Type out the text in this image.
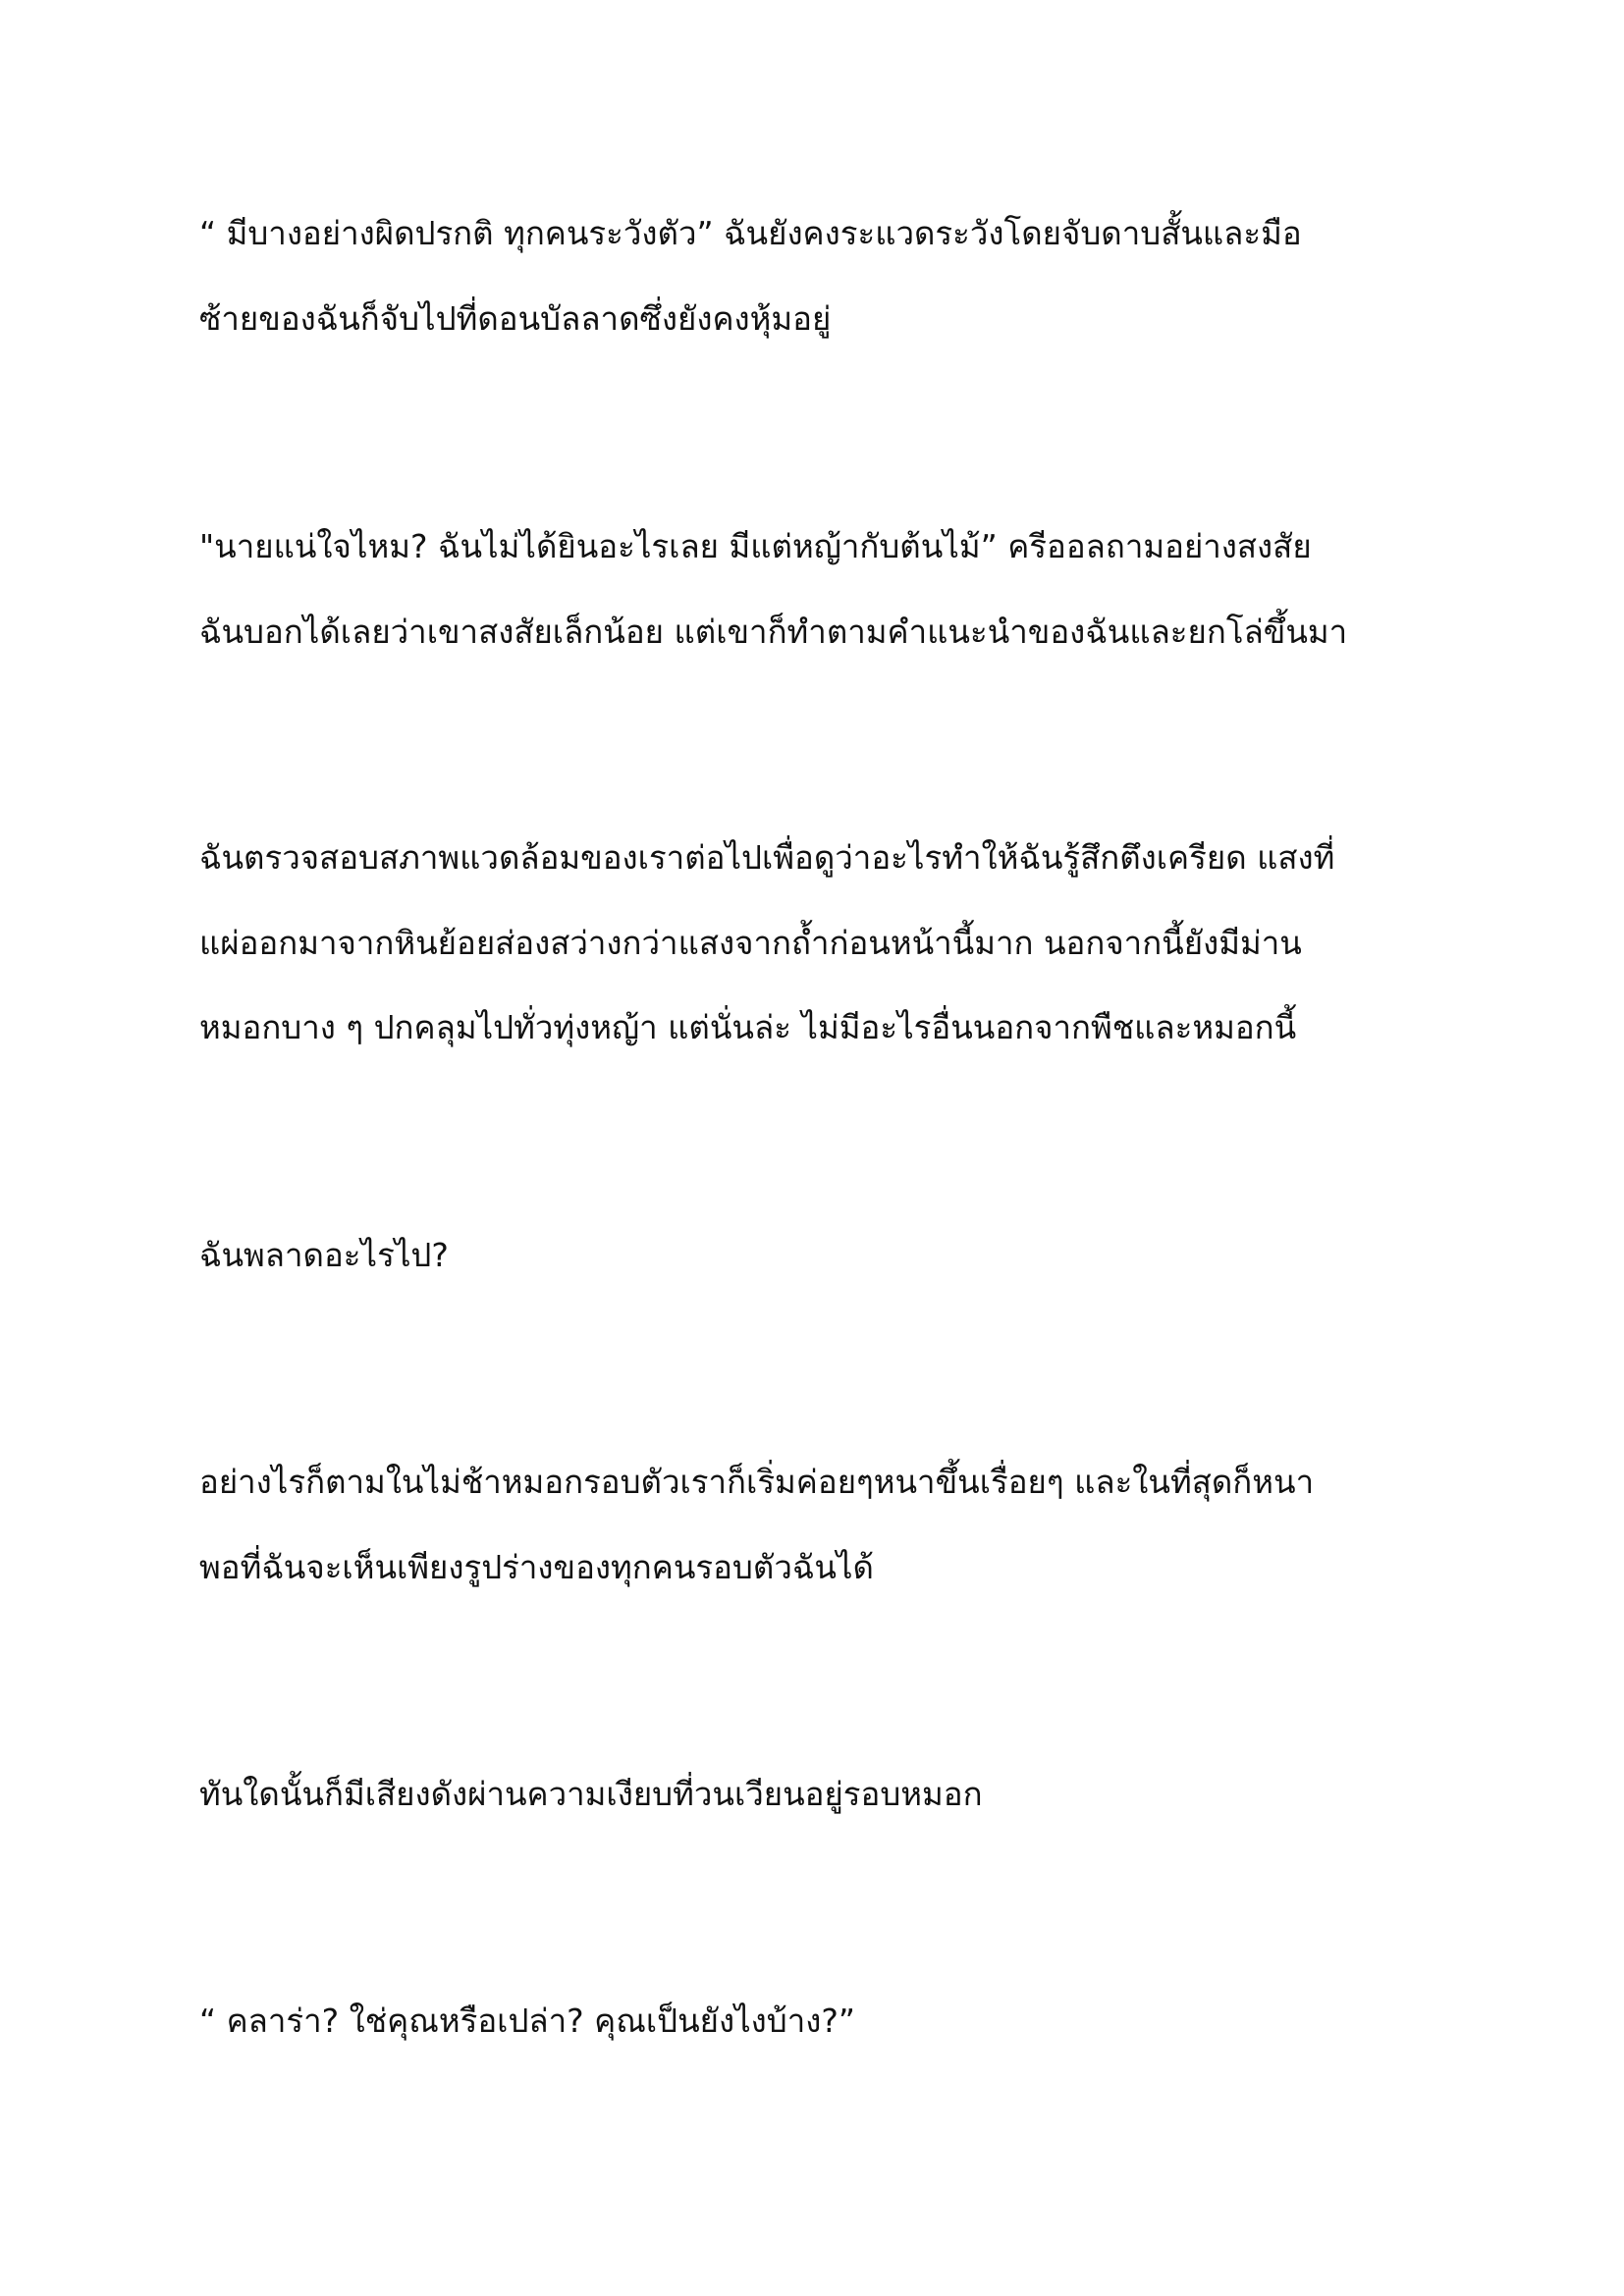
“ มีบางอย่างผิดปรกติ ทุกคนระวังตัว” ฉันยังคงระแวดระวังโดยจับดาบสั้นและมือ

ซ้ายของฉันก็จับไปที่ดอนบัลลาดซึ่งยังคงหุ้มอยู่

"นายแน่ใจไหม? ฉันไม่ได้ยินอะไรเลย มีแต่หญ้ากับต้นไม้” ครีออลถามอย่างสงสัย

ฉันบอกได้เลยว่าเขาสงสัยเล็กน้อย แต่เขาก็ทำตามคำแนะนำของฉันและยกโล่ขึ้นมา

ฉันตรวจสอบสภาพแวดล้อมของเราต่อไปเพื่อดูว่าอะไรทำให้ฉันรู้สึกตึงเครียด แสงที่

แผ่ออกมาจากหินย้อยส่องสว่างกว่าแสงจากถ้ำก่อนหน้านี้มาก นอกจากนี้ยังมีม่าน

หมอกบาง ๆ ปกคลุมไปทั่วทุ่งหญ้า แต่นั่นล่ะ ไม่มีอะไรอื่นนอกจากพืชและหมอกนี้

ฉันพลาดอะไรไป?

อย่างไรก็ตามในไม่ช้าหมอกรอบตัวเราก็เริ่มค่อยๆหนาขึ้นเรื่อยๆ และในที่สุดก็หนา

พอที่ฉันจะเห็นเพียงรูปร่างของทุกคนรอบตัวฉันได้

ทันใดนั้นก็มีเสียงดังผ่านความเงียบที่วนเวียนอยู่รอบหมอก

“ คลาร่า? ใช่คุณหรือเปล่า? คุณเป็นยังไงบ้าง?”
